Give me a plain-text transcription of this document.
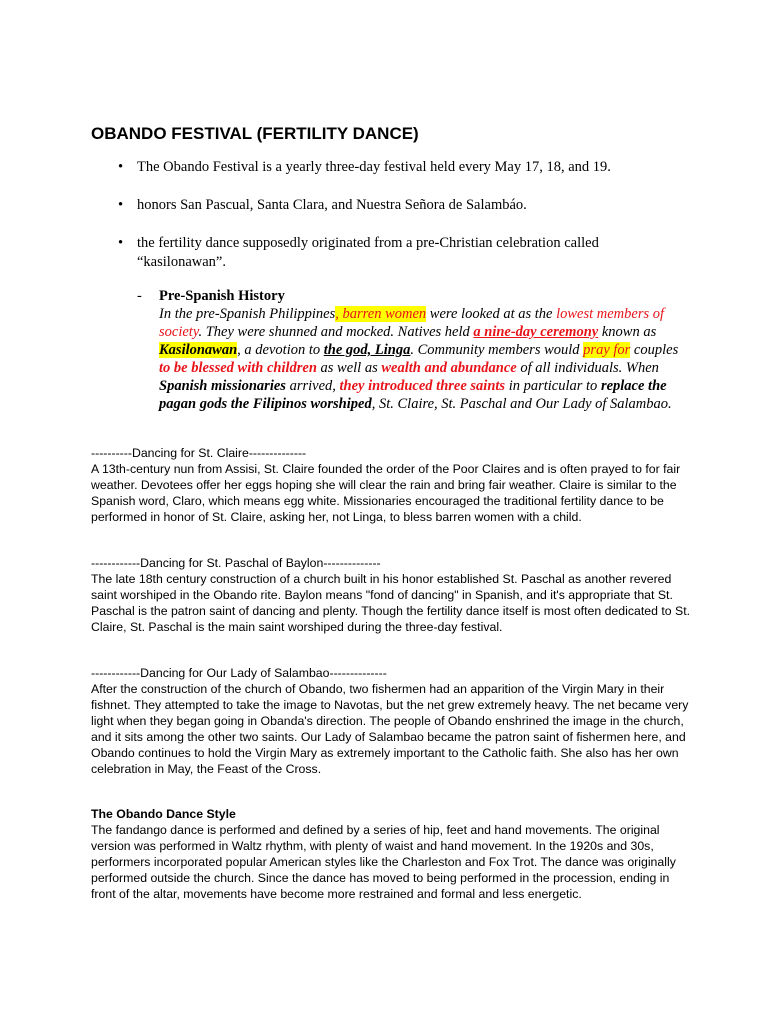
OBANDO FESTIVAL (FERTILITY DANCE)
• The Obando Festival is a yearly three-day festival held every May 17, 18, and 19.
• honors San Pascual, Santa Clara, and Nuestra Señora de Salambáo.
• the fertility dance supposedly originated from a pre-Christian celebration called “kasilonawan”.
- Pre-Spanish History

In the pre-Spanish Philippines, barren women were looked at as the lowest members of society. They were shunned and mocked. Natives held a nine-day ceremony known as Kasilonawan, a devotion to the god, Linga. Community members would pray for couples to be blessed with children as well as wealth and abundance of all individuals. When Spanish missionaries arrived, they introduced three saints in particular to replace the pagan gods the Filipinos worshiped, St. Claire, St. Paschal and Our Lady of Salambao.

----------Dancing for St. Claire--------------
A 13th-century nun from Assisi, St. Claire founded the order of the Poor Claires and is often prayed to for fair weather. Devotees offer her eggs hoping she will clear the rain and bring fair weather. Claire is similar to the Spanish word, Claro, which means egg white. Missionaries encouraged the traditional fertility dance to be performed in honor of St. Claire, asking her, not Linga, to bless barren women with a child.
------------Dancing for St. Paschal of Baylon--------------
The late 18th century construction of a church built in his honor established St. Paschal as another revered saint worshiped in the Obando rite. Baylon means "fond of dancing" in Spanish, and it's appropriate that St. Paschal is the patron saint of dancing and plenty. Though the fertility dance itself is most often dedicated to St. Claire, St. Paschal is the main saint worshiped during the three-day festival.
------------Dancing for Our Lady of Salambao--------------
After the construction of the church of Obando, two fishermen had an apparition of the Virgin Mary in their fishnet. They attempted to take the image to Navotas, but the net grew extremely heavy. The net became very light when they began going in Obanda's direction. The people of Obando enshrined the image in the church, and it sits among the other two saints. Our Lady of Salambao became the patron saint of fishermen here, and Obando continues to hold the Virgin Mary as extremely important to the Catholic faith. She also has her own celebration in May, the Feast of the Cross.
The Obando Dance Style
The fandango dance is performed and defined by a series of hip, feet and hand movements. The original version was performed in Waltz rhythm, with plenty of waist and hand movement. In the 1920s and 30s, performers incorporated popular American styles like the Charleston and Fox Trot. The dance was originally performed outside the church. Since the dance has moved to being performed in the procession, ending in front of the altar, movements have become more restrained and formal and less energetic.
